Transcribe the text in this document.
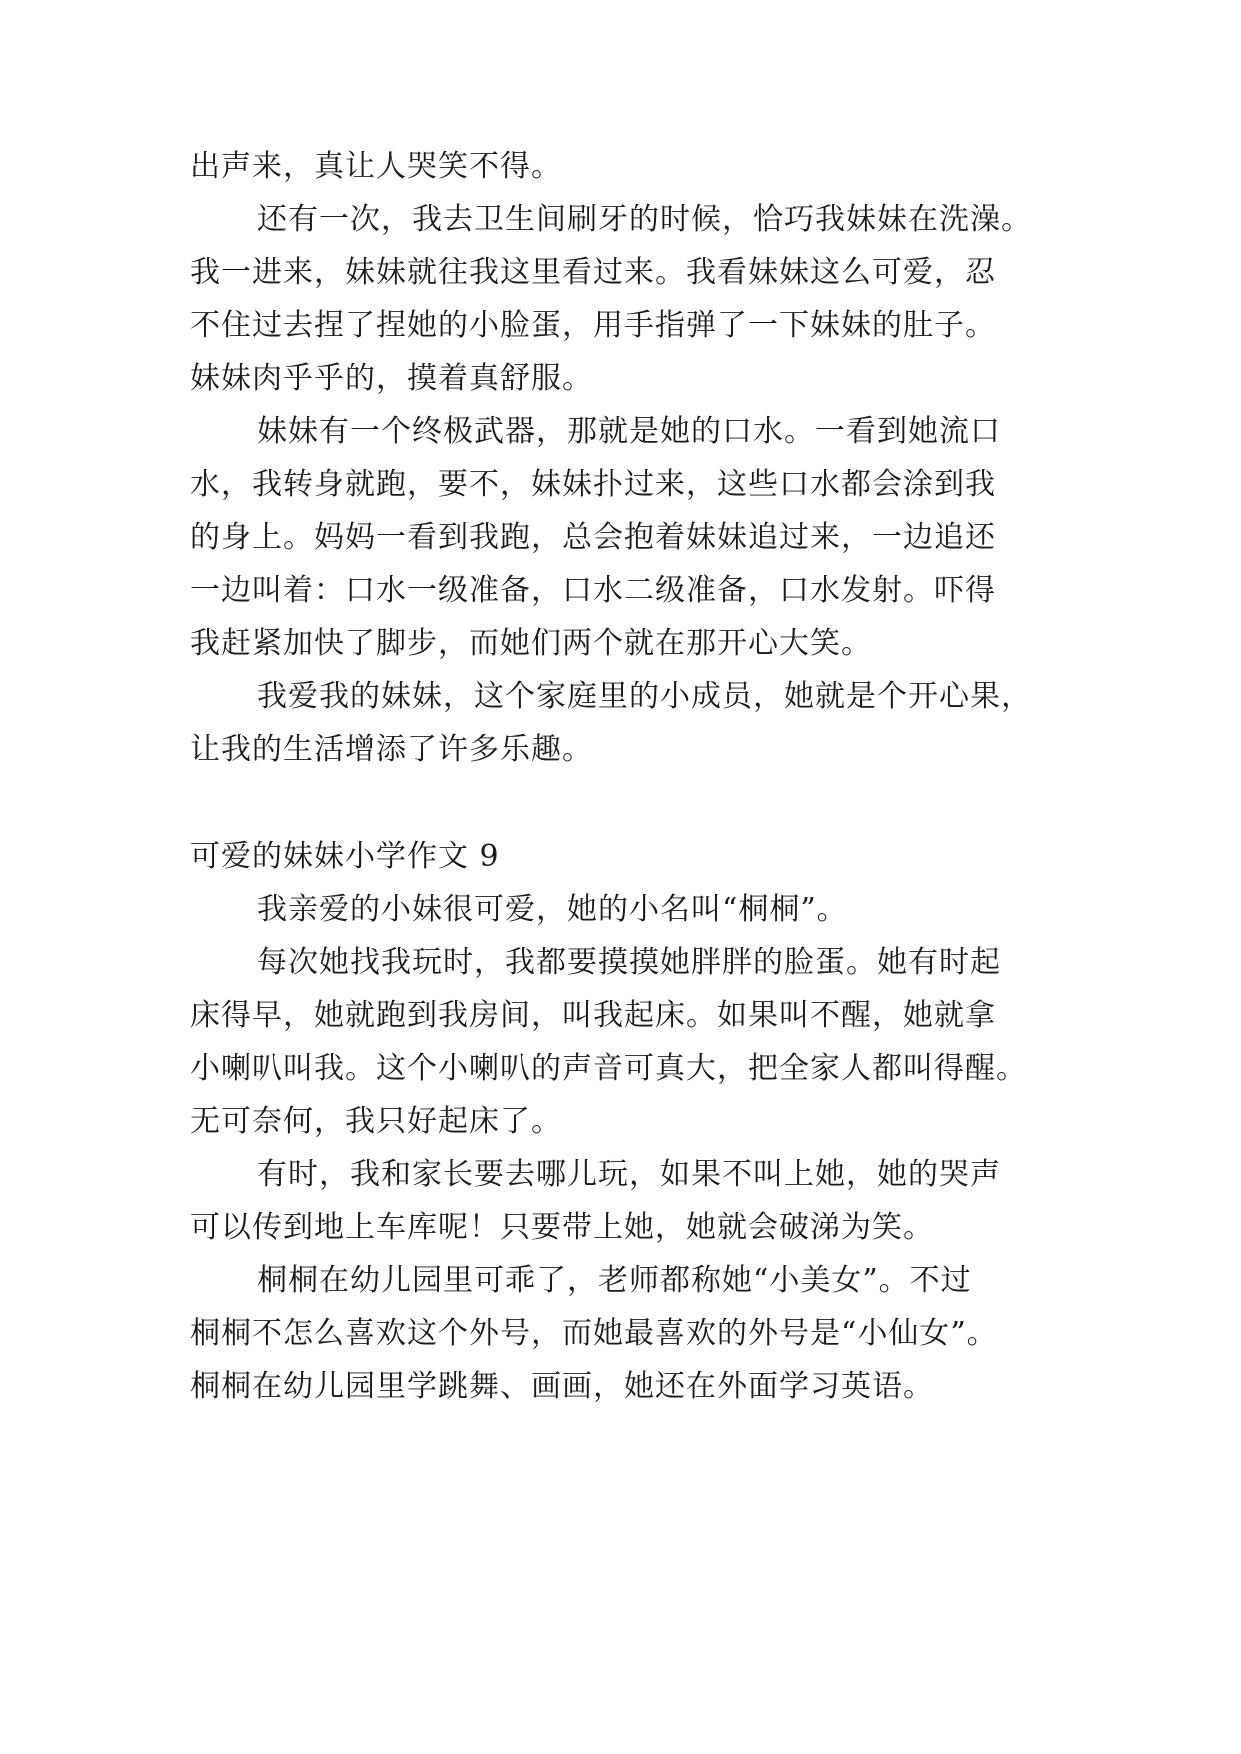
出声来，真让人哭笑不得。
还有一次，我去卫生间刷牙的时候，恰巧我妹妹在洗澡。
我一进来，妹妹就往我这里看过来。我看妹妹这么可爱，忍
不住过去捏了捏她的小脸蛋，用手指弹了一下妹妹的肚子。
妹妹肉乎乎的，摸着真舒服。
妹妹有一个终极武器，那就是她的口水。一看到她流口
水，我转身就跑，要不，妹妹扑过来，这些口水都会涂到我
的身上。妈妈一看到我跑，总会抱着妹妹追过来，一边追还
一边叫着：口水一级准备，口水二级准备，口水发射。吓得
我赶紧加快了脚步，而她们两个就在那开心大笑。
我爱我的妹妹，这个家庭里的小成员，她就是个开心果，
让我的生活增添了许多乐趣。
可爱的妹妹小学作文 9
我亲爱的小妹很可爱，她的小名叫“桐桐”。
每次她找我玩时，我都要摸摸她胖胖的脸蛋。她有时起
床得早，她就跑到我房间，叫我起床。如果叫不醒，她就拿
小喇叭叫我。这个小喇叭的声音可真大，把全家人都叫得醒。
无可奈何，我只好起床了。
有时，我和家长要去哪儿玩，如果不叫上她，她的哭声
可以传到地上车库呢！只要带上她，她就会破涕为笑。
桐桐在幼儿园里可乖了，老师都称她“小美女”。不过
桐桐不怎么喜欢这个外号，而她最喜欢的外号是“小仙女”。
桐桐在幼儿园里学跳舞、画画，她还在外面学习英语。
